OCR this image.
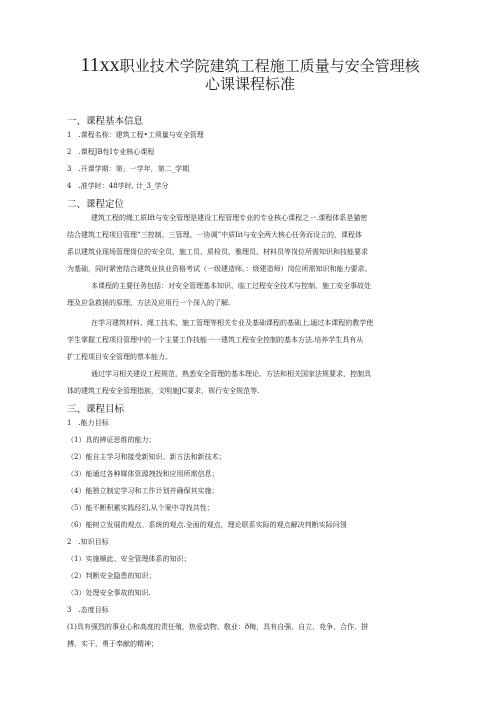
11xx职业技术学院建筑工程施工质量与安全管理核
心课课程标准
一、课程基本信息
1　.课程名称：建筑工程•工须量与安全管理
2　.课程JB性I专业核心课程
3　.开课学期：第」一学年，第二_学期
4　.准学时：48学时, 计_3_学分
二、课程定位
建筑工程的绳工质Ift与安全管理是建设工程管理专业的专业核心课程之一.课程体系是猫密
结合建筑工程项目管理“三控制、三管理、一协调”中质Iit与安全两大核心任务而设立的，课程体
系以建筑业现场管理岗位的安全员、施工员、质检员、雅理员、材料员等岗位所需知识和技能要求
为基础，同时紧密结合建筑业执业资格考试（一级建造师、：级建造师）岗位所需知识和能力要求。
本课程的主要任务包括：对安全管理基本知识、临工过程安全技术与控制、施工安全事故处
理及应急救援的原理、方法及应用行一个深入的了解.
在学习建筑材料、绳工技术、施工管理等相关专业及基础课程的基础上,通过本课程的教学使
学生掌握工程项目管理中的一个主要工作技能一一建筑工程安全控制的基本方法.培养学生具有从
扩工程项目安全管理的票本能力。
通过学习相关建设工程规范，熟悉安全管理的基本理论、方法和相关国家法规要求，控制具
体的建筑工程安全管理指族，文明施JC要求，规行安全规范等.
三、课程目标
1　.能力目标
（1）具的辨证思维的能力；
（2）能自主学习和接受新知识、新方法和新技术；
（3）能通过各种媒体资源拽找和应用所需信息；
（4）能独立制定学习和工作计划并确保其实施；
（5）能不断积累实践经幻,从个案中寻找共性；
（6）能树立发展的观点、系统的观点.全面的观点，理论联系实际的观点解决判断实际问翎
2　.知识目标
（1）实施顺此、安全管理体系的知识；
（2）判断安全隐患的知识；
（3）处理安全事故的知识.
3　.态度目标
(1)具有强烈的事业心和高度的责任殖，热爱动物、敬业：ð梅，具有自强、自立、竞争、合作、拼
搏、实干、勇于奉献的精神；
